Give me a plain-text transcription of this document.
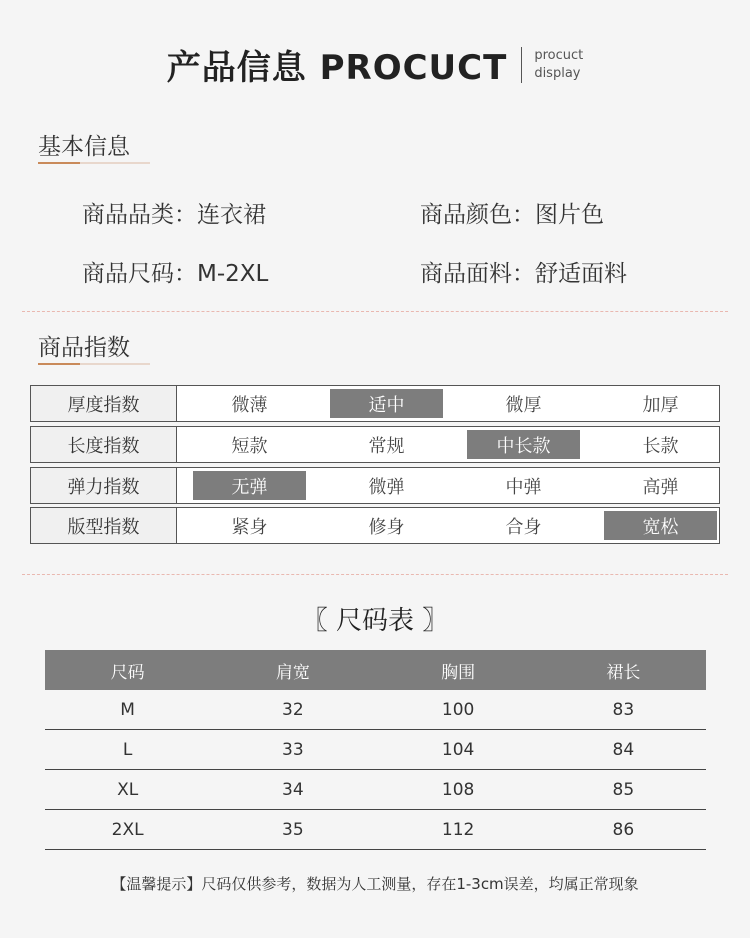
产品信息 PROCUCT procuct
display
基本信息
商品品类：连衣裙	商品颜色：图片色
商品尺码：M-2XL	商品面料：舒适面料
商品指数
厚度指数	微薄	适中	微厚	加厚
长度指数	短款	常规	中长款	长款
弹力指数	无弹	微弹	中弹	高弹
版型指数	紧身	修身	合身	宽松
〖 尺码表 〗
尺码	肩宽	胸围	裙长
M	32	100	83
L	33	104	84
XL	34	108	85
2XL	35	112	86
【温馨提示】尺码仅供参考，数据为人工测量，存在1-3cm误差，均属正常现象
